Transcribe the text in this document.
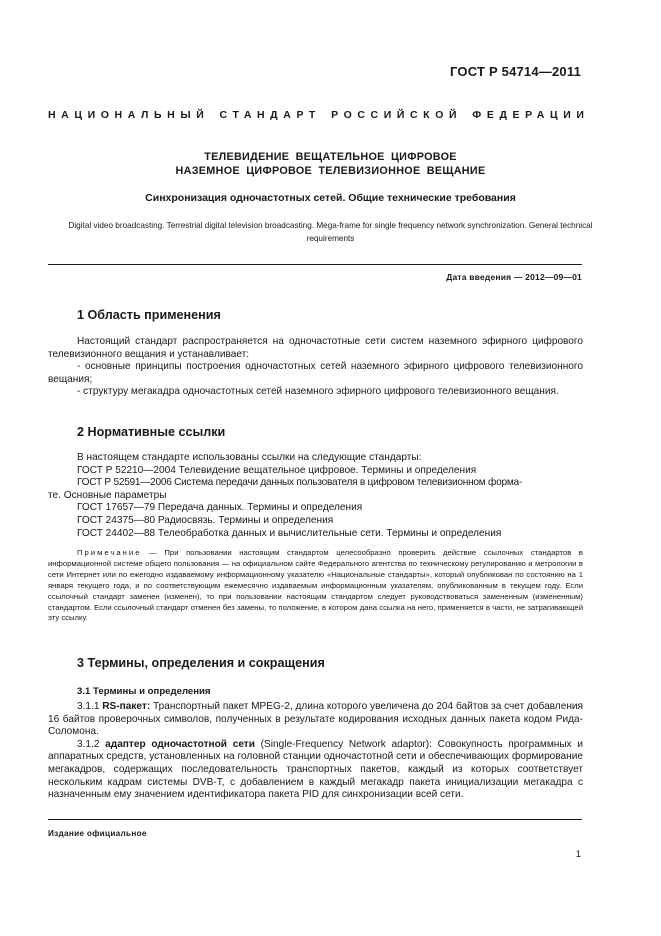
ГОСТ Р 54714—2011
НАЦИОНАЛЬНЫЙ СТАНДАРТ РОССИЙСКОЙ ФЕДЕРАЦИИ
ТЕЛЕВИДЕНИЕ ВЕЩАТЕЛЬНОЕ ЦИФРОВОЕ
НАЗЕМНОЕ ЦИФРОВОЕ ТЕЛЕВИЗИОННОЕ ВЕЩАНИЕ
Синхронизация одночастотных сетей. Общие технические требования
Digital video broadcasting. Terrestrial digital television broadcasting. Mega-frame for single frequency network synchronization. General technical requirements
Дата введения — 2012—09—01
1 Область применения

Настоящий стандарт распространяется на одночастотные сети систем наземного эфирного цифрового телевизионного вещания и устанавливает:

- основные принципы построения одночастотных сетей наземного эфирного цифрового телевизионного вещания;

- структуру мегакадра одночастотных сетей наземного эфирного цифрового телевизионного вещания.

2 Нормативные ссылки
В настоящем стандарте использованы ссылки на следующие стандарты:
ГОСТ Р 52210—2004 Телевидение вещательное цифровое. Термины и определения
ГОСТ Р 52591—2006 Система передачи данных пользователя в цифровом телевизионном форма-
те. Основные параметры
ГОСТ 17657—79 Передача данных. Термины и определения
ГОСТ 24375—80 Радиосвязь. Термины и определения
ГОСТ 24402—88 Телеобработка данных и вычислительные сети. Термины и определения

Примечание — При пользовании настоящим стандартом целесообразно проверить действие ссылочных стандартов в информационной системе общего пользования — на официальном сайте Федерального агентства по техническому регулированию и метрологии в сети Интернет или по ежегодно издаваемому информационному указателю «Национальные стандарты», который опубликован по состоянию на 1 января текущего года, и по соответствующим ежемесячно издаваемым информационным указателям, опубликованным в текущем году. Если ссылочный стандарт заменен (изменен), то при пользовании настоящим стандартом следует руководствоваться замененным (измененным) стандартом. Если ссылочный стандарт отменен без замены, то положение, в котором дана ссылка на него, применяется в части, не затрагивающей эту ссылку.

3 Термины, определения и сокращения
3.1 Термины и определения

3.1.1 RS-пакет: Транспортный пакет MPEG-2, длина которого увеличена до 204 байтов за счет добавления 16 байтов проверочных символов, полученных в результате кодирования исходных данных пакета кодом Рида-Соломона.

3.1.2 адаптер одночастотной сети (Single-Frequency Network adaptor): Совокупность программных и аппаратных средств, установленных на головной станции одночастотной сети и обеспечивающих формирование мегакадров, содержащих последовательность транспортных пакетов, каждый из которых соответствует нескольким кадрам системы DVB-T, с добавлением в каждый мегакадр пакета инициализации мегакадра с назначенным ему значением идентификатора пакета PID для синхронизации всей сети.

Издание официальное
1
